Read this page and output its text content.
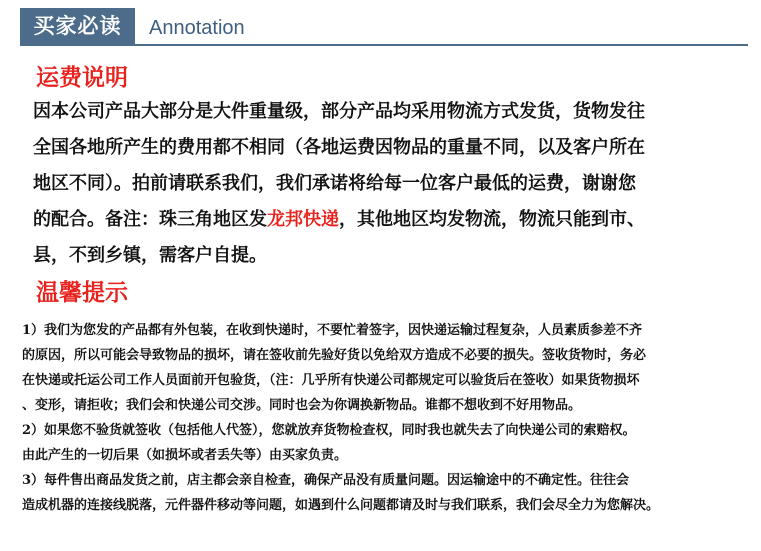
买家必读	Annotation
运费说明
因本公司产品大部分是大件重量级，部分产品均采用物流方式发货，货物发往
全国各地所产生的费用都不相同（各地运费因物品的重量不同，以及客户所在
地区不同）。拍前请联系我们，我们承诺将给每一位客户最低的运费，谢谢您
的配合。备注：珠三角地区发龙邦快递，其他地区均发物流，物流只能到市、
县，不到乡镇，需客户自提。
温馨提示
1）我们为您发的产品都有外包装，在收到快递时，不要忙着签字，因快递运输过程复杂，人员素质参差不齐
的原因，所以可能会导致物品的损坏，请在签收前先验好货以免给双方造成不必要的损失。签收货物时，务必
在快递或托运公司工作人员面前开包验货，（注：几乎所有快递公司都规定可以验货后在签收）如果货物损坏
、变形，请拒收；我们会和快递公司交涉。同时也会为你调换新物品。谁都不想收到不好用物品。
2）如果您不验货就签收（包括他人代签），您就放弃货物检查权，同时我也就失去了向快递公司的索赔权。
由此产生的一切后果（如损坏或者丢失等）由买家负责。
3）每件售出商品发货之前，店主都会亲自检查，确保产品没有质量问题。因运输途中的不确定性。往往会
造成机器的连接线脱落，元件器件移动等问题，如遇到什么问题都请及时与我们联系，我们会尽全力为您解决。
